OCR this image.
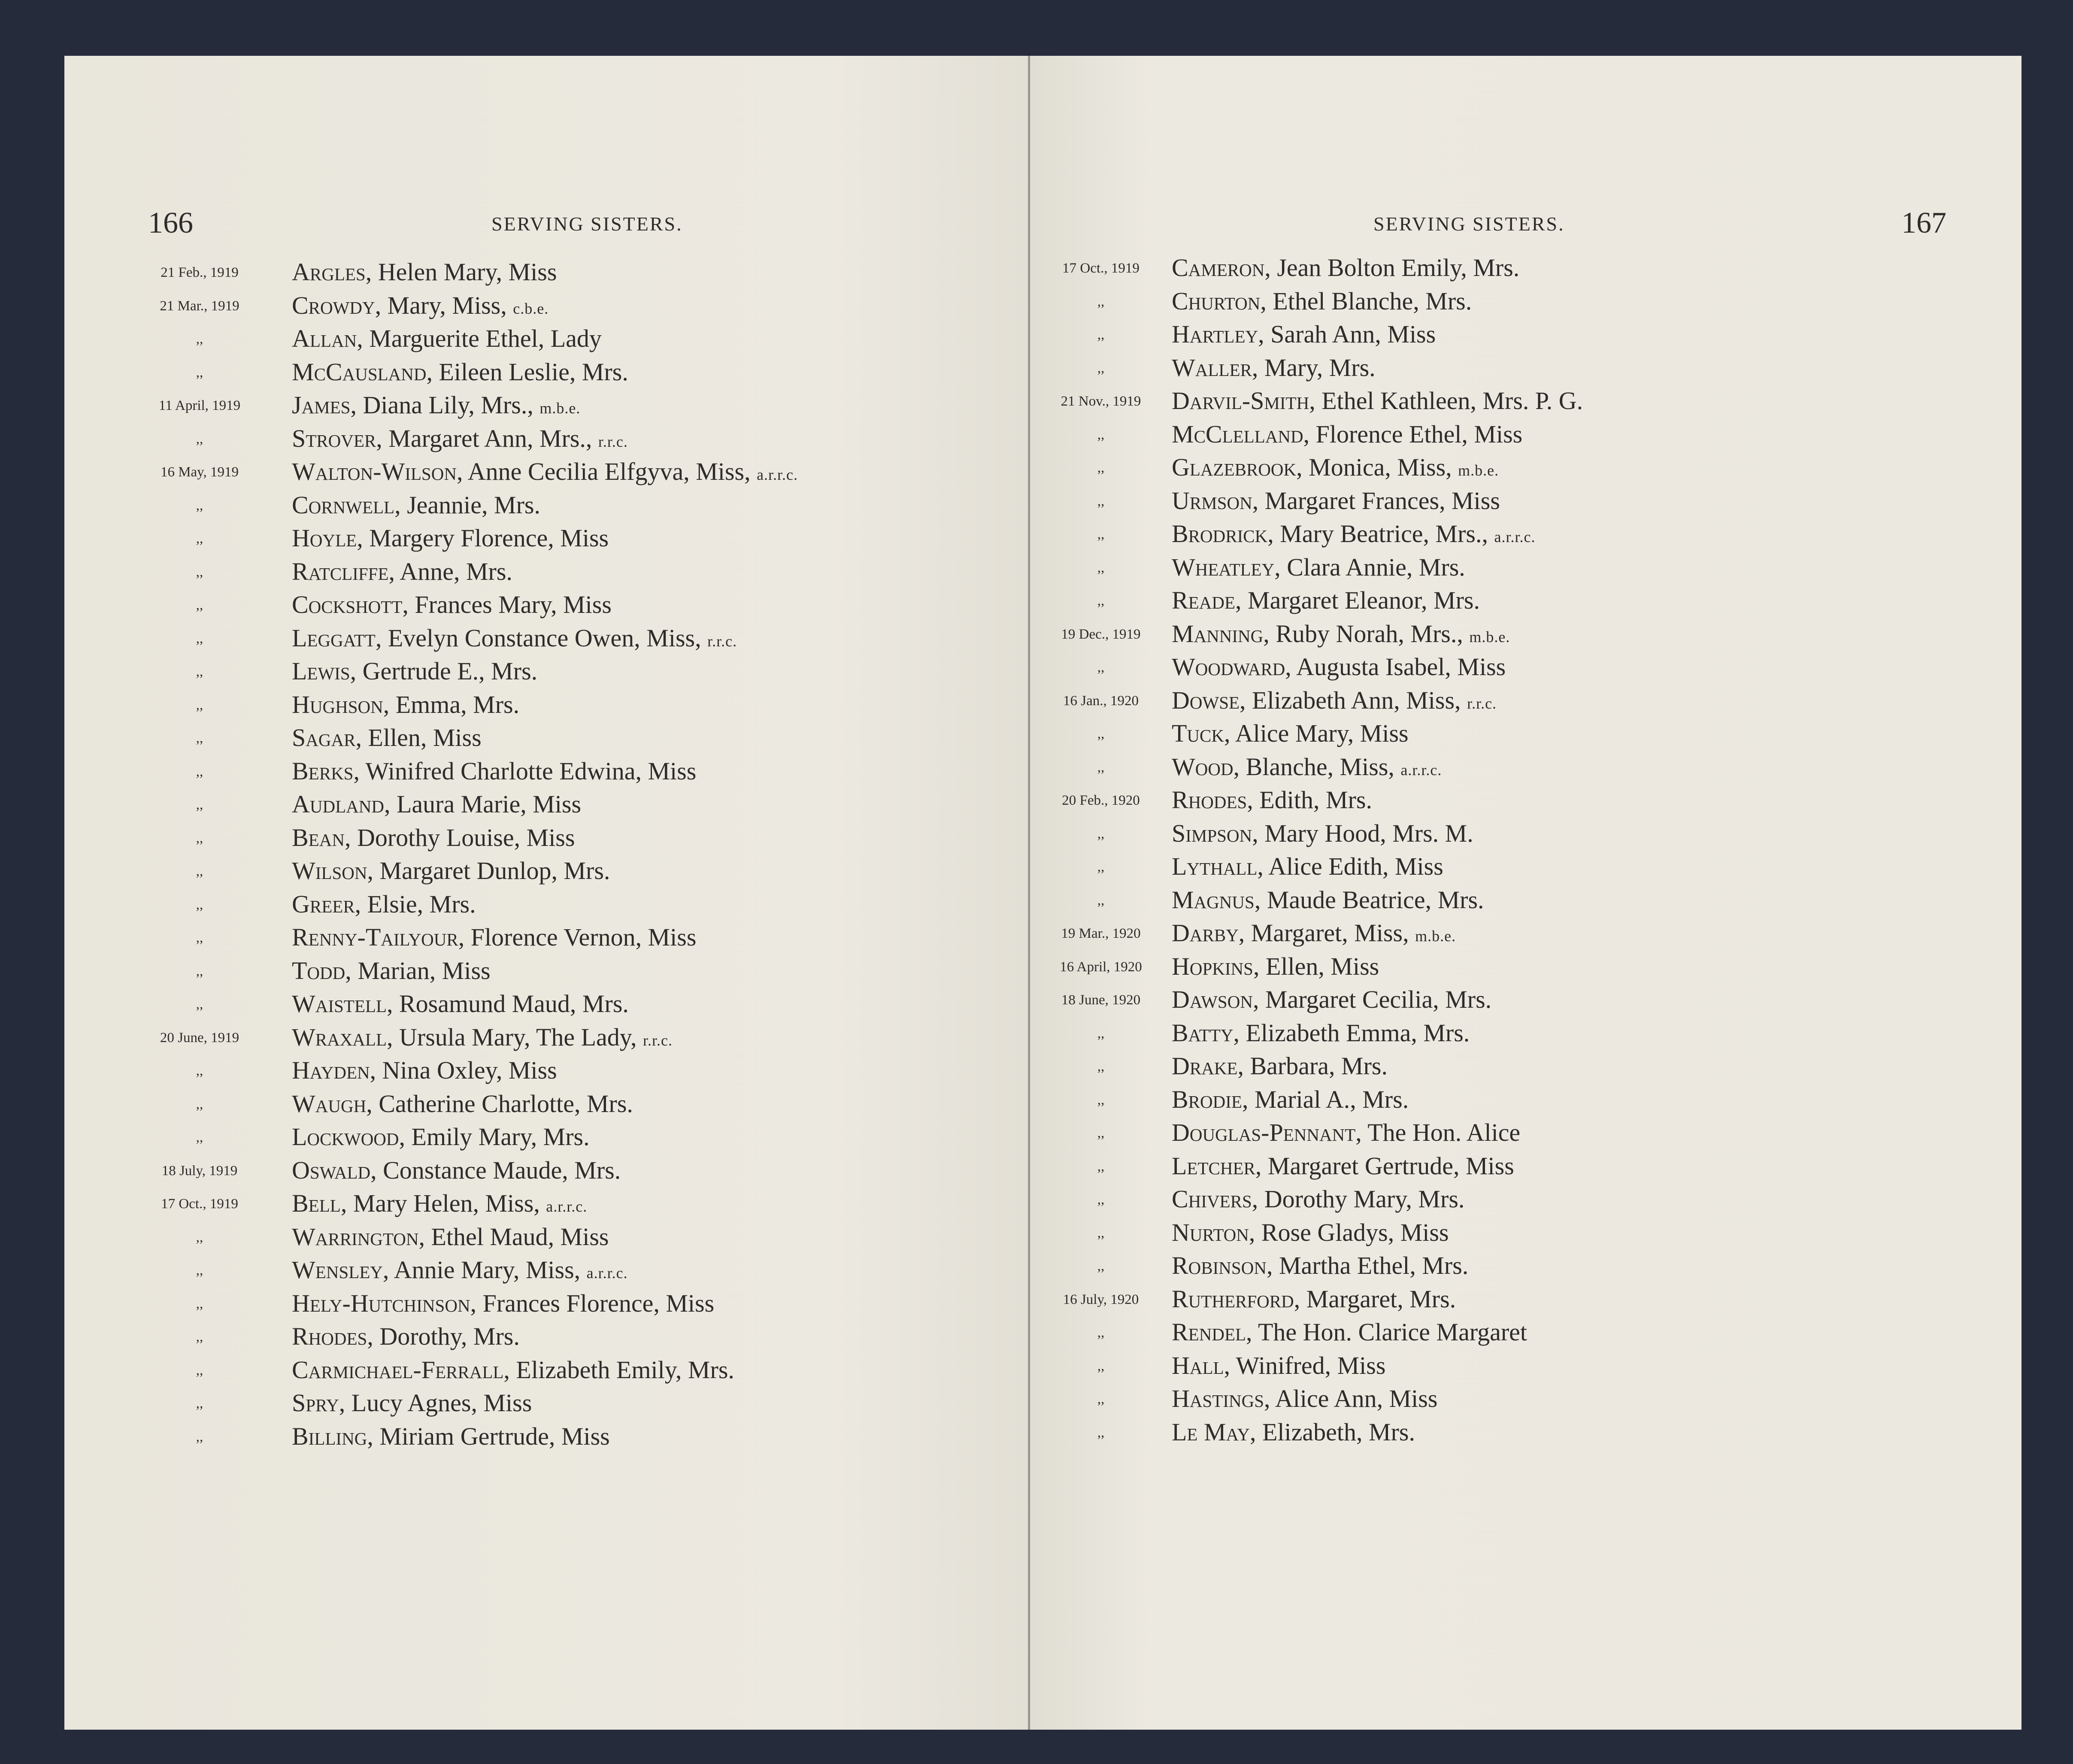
166	SERVING SISTERS.
21 Feb., 1919	Argles, Helen Mary, Miss
21 Mar., 1919	Crowdy, Mary, Miss, c.b.e.
,,	Allan, Marguerite Ethel, Lady
,,	McCausland, Eileen Leslie, Mrs.
11 April, 1919	James, Diana Lily, Mrs., m.b.e.
,,	Strover, Margaret Ann, Mrs., r.r.c.
16 May, 1919	Walton-Wilson, Anne Cecilia Elfgyva, Miss, a.r.r.c.
,,	Cornwell, Jeannie, Mrs.
,,	Hoyle, Margery Florence, Miss
,,	Ratcliffe, Anne, Mrs.
,,	Cockshott, Frances Mary, Miss
,,	Leggatt, Evelyn Constance Owen, Miss, r.r.c.
,,	Lewis, Gertrude E., Mrs.
,,	Hughson, Emma, Mrs.
,,	Sagar, Ellen, Miss
,,	Berks, Winifred Charlotte Edwina, Miss
,,	Audland, Laura Marie, Miss
,,	Bean, Dorothy Louise, Miss
,,	Wilson, Margaret Dunlop, Mrs.
,,	Greer, Elsie, Mrs.
,,	Renny-Tailyour, Florence Vernon, Miss
,,	Todd, Marian, Miss
,,	Waistell, Rosamund Maud, Mrs.
20 June, 1919	Wraxall, Ursula Mary, The Lady, r.r.c.
,,	Hayden, Nina Oxley, Miss
,,	Waugh, Catherine Charlotte, Mrs.
,,	Lockwood, Emily Mary, Mrs.
18 July, 1919	Oswald, Constance Maude, Mrs.
17 Oct., 1919	Bell, Mary Helen, Miss, a.r.r.c.
,,	Warrington, Ethel Maud, Miss
,,	Wensley, Annie Mary, Miss, a.r.r.c.
,,	Hely-Hutchinson, Frances Florence, Miss
,,	Rhodes, Dorothy, Mrs.
,,	Carmichael-Ferrall, Elizabeth Emily, Mrs.
,,	Spry, Lucy Agnes, Miss
,,	Billing, Miriam Gertrude, Miss
167
SERVING SISTERS.
17 Oct., 1919	Cameron, Jean Bolton Emily, Mrs.
,,	Churton, Ethel Blanche, Mrs.
,,	Hartley, Sarah Ann, Miss
,,	Waller, Mary, Mrs.
21 Nov., 1919	Darvil-Smith, Ethel Kathleen, Mrs. P. G.
,,	McClelland, Florence Ethel, Miss
,,	Glazebrook, Monica, Miss, m.b.e.
,,	Urmson, Margaret Frances, Miss
,,	Brodrick, Mary Beatrice, Mrs., a.r.r.c.
,,	Wheatley, Clara Annie, Mrs.
,,	Reade, Margaret Eleanor, Mrs.
19 Dec., 1919	Manning, Ruby Norah, Mrs., m.b.e.
,,	Woodward, Augusta Isabel, Miss
16 Jan., 1920	Dowse, Elizabeth Ann, Miss, r.r.c.
,,	Tuck, Alice Mary, Miss
,,	Wood, Blanche, Miss, a.r.r.c.
20 Feb., 1920	Rhodes, Edith, Mrs.
,,	Simpson, Mary Hood, Mrs. M.
,,	Lythall, Alice Edith, Miss
,,	Magnus, Maude Beatrice, Mrs.
19 Mar., 1920	Darby, Margaret, Miss, m.b.e.
16 April, 1920	Hopkins, Ellen, Miss
18 June, 1920	Dawson, Margaret Cecilia, Mrs.
,,	Batty, Elizabeth Emma, Mrs.
,,	Drake, Barbara, Mrs.
,,	Brodie, Marial A., Mrs.
,,	Douglas-Pennant, The Hon. Alice
,,	Letcher, Margaret Gertrude, Miss
,,	Chivers, Dorothy Mary, Mrs.
,,	Nurton, Rose Gladys, Miss
,,	Robinson, Martha Ethel, Mrs.
16 July, 1920	Rutherford, Margaret, Mrs.
,,	Rendel, The Hon. Clarice Margaret
,,	Hall, Winifred, Miss
,,	Hastings, Alice Ann, Miss
,,	Le May, Elizabeth, Mrs.
